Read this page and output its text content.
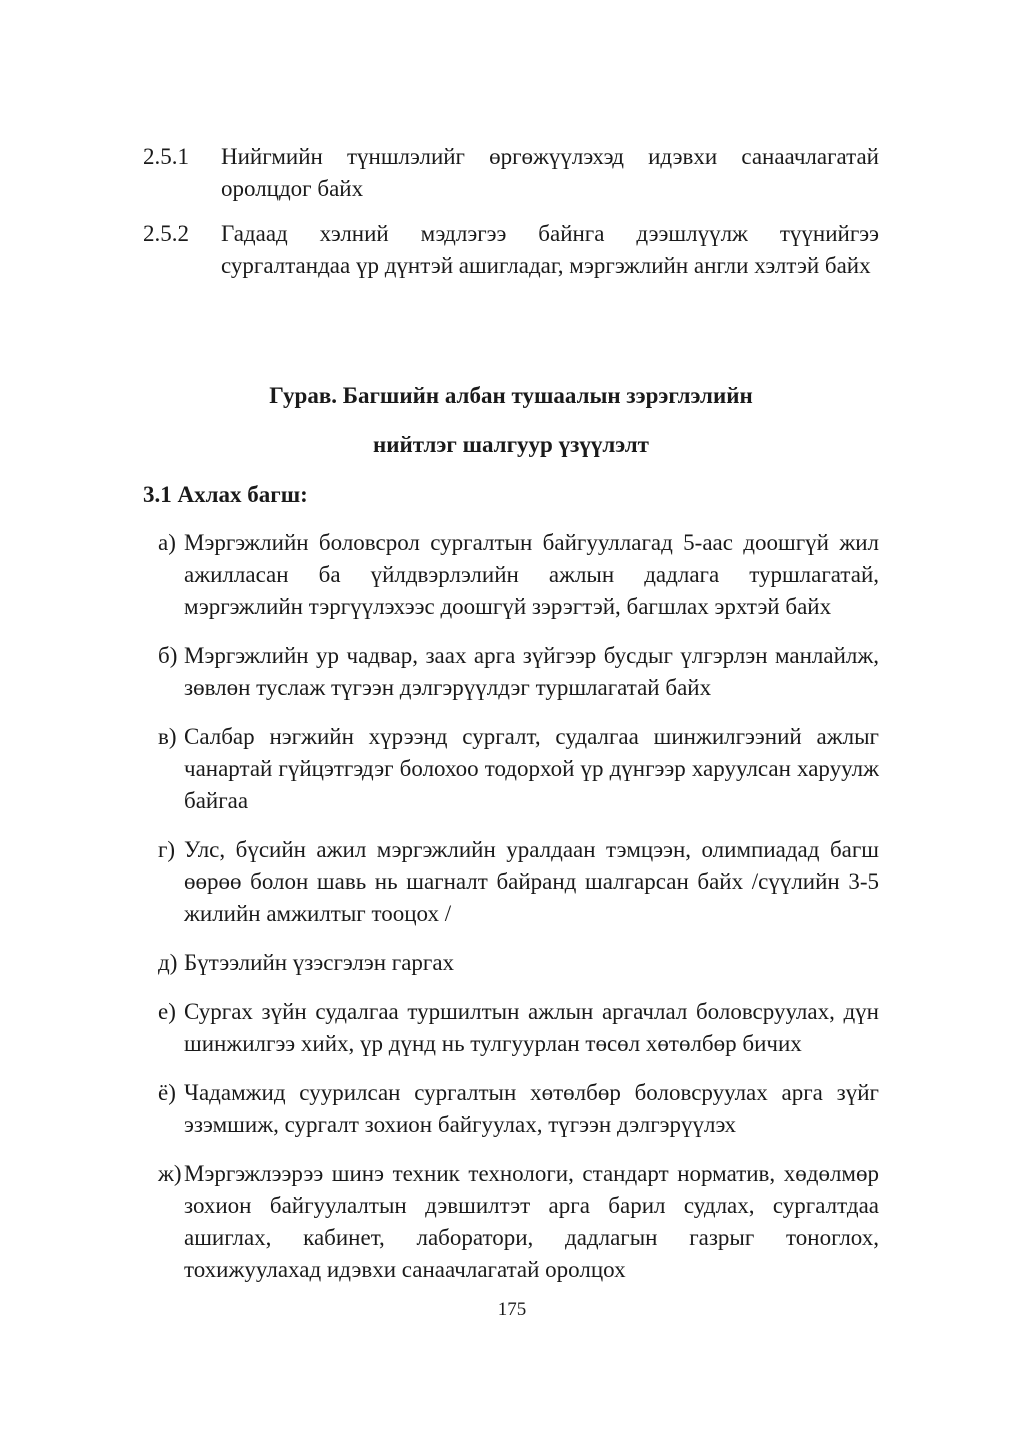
2.5.1 Нийгмийн түншлэлийг өргөжүүлэхэд идэвхи санаачлагатай оролцдог байх
2.5.2 Гадаад хэлний мэдлэгээ байнга дээшлүүлж түүнийгээ сургалтандаа үр дүнтэй ашигладаг, мэргэжлийн англи хэлтэй байх
Гурав. Багшийн албан тушаалын зэрэглэлийн
нийтлэг шалгуур үзүүлэлт
3.1 Ахлах багш:
а) Мэргэжлийн боловсрол сургалтын байгууллагад 5-аас доошгүй жил ажилласан ба үйлдвэрлэлийн ажлын дадлага туршлагатай, мэргэжлийн тэргүүлэхээс доошгүй зэрэгтэй, багшлах эрхтэй байх
б) Мэргэжлийн ур чадвар, заах арга зүйгээр бусдыг үлгэрлэн манлайлж, зөвлөн туслаж түгээн дэлгэрүүлдэг туршлагатай байх
в) Салбар нэгжийн хүрээнд сургалт, судалгаа шинжилгээний ажлыг чанартай гүйцэтгэдэг болохоо тодорхой үр дүнгээр харуулсан харуулж байгаа
г) Улс, бүсийн ажил мэргэжлийн уралдаан тэмцээн, олимпиадад багш өөрөө болон шавь нь шагналт байранд шалгарсан байх /сүүлийн 3-5 жилийн амжилтыг тооцох /
д) Бүтээлийн үзэсгэлэн гаргах
е) Сургах зүйн судалгаа туршилтын ажлын аргачлал боловсруулах, дүн шинжилгээ хийх, үр дүнд нь тулгуурлан төсөл хөтөлбөр бичих
ё) Чадамжид суурилсан сургалтын хөтөлбөр боловсруулах арга зүйг эзэмшиж, сургалт зохион байгуулах, түгээн дэлгэрүүлэх
ж) Мэргэжлээрээ шинэ техник технологи, стандарт норматив, хөдөлмөр зохион байгуулалтын дэвшилтэт арга барил судлах, сургалтдаа ашиглах, кабинет, лаборатори, дадлагын газрыг тоноглох, тохижуулахад идэвхи санаачлагатай оролцох
175
